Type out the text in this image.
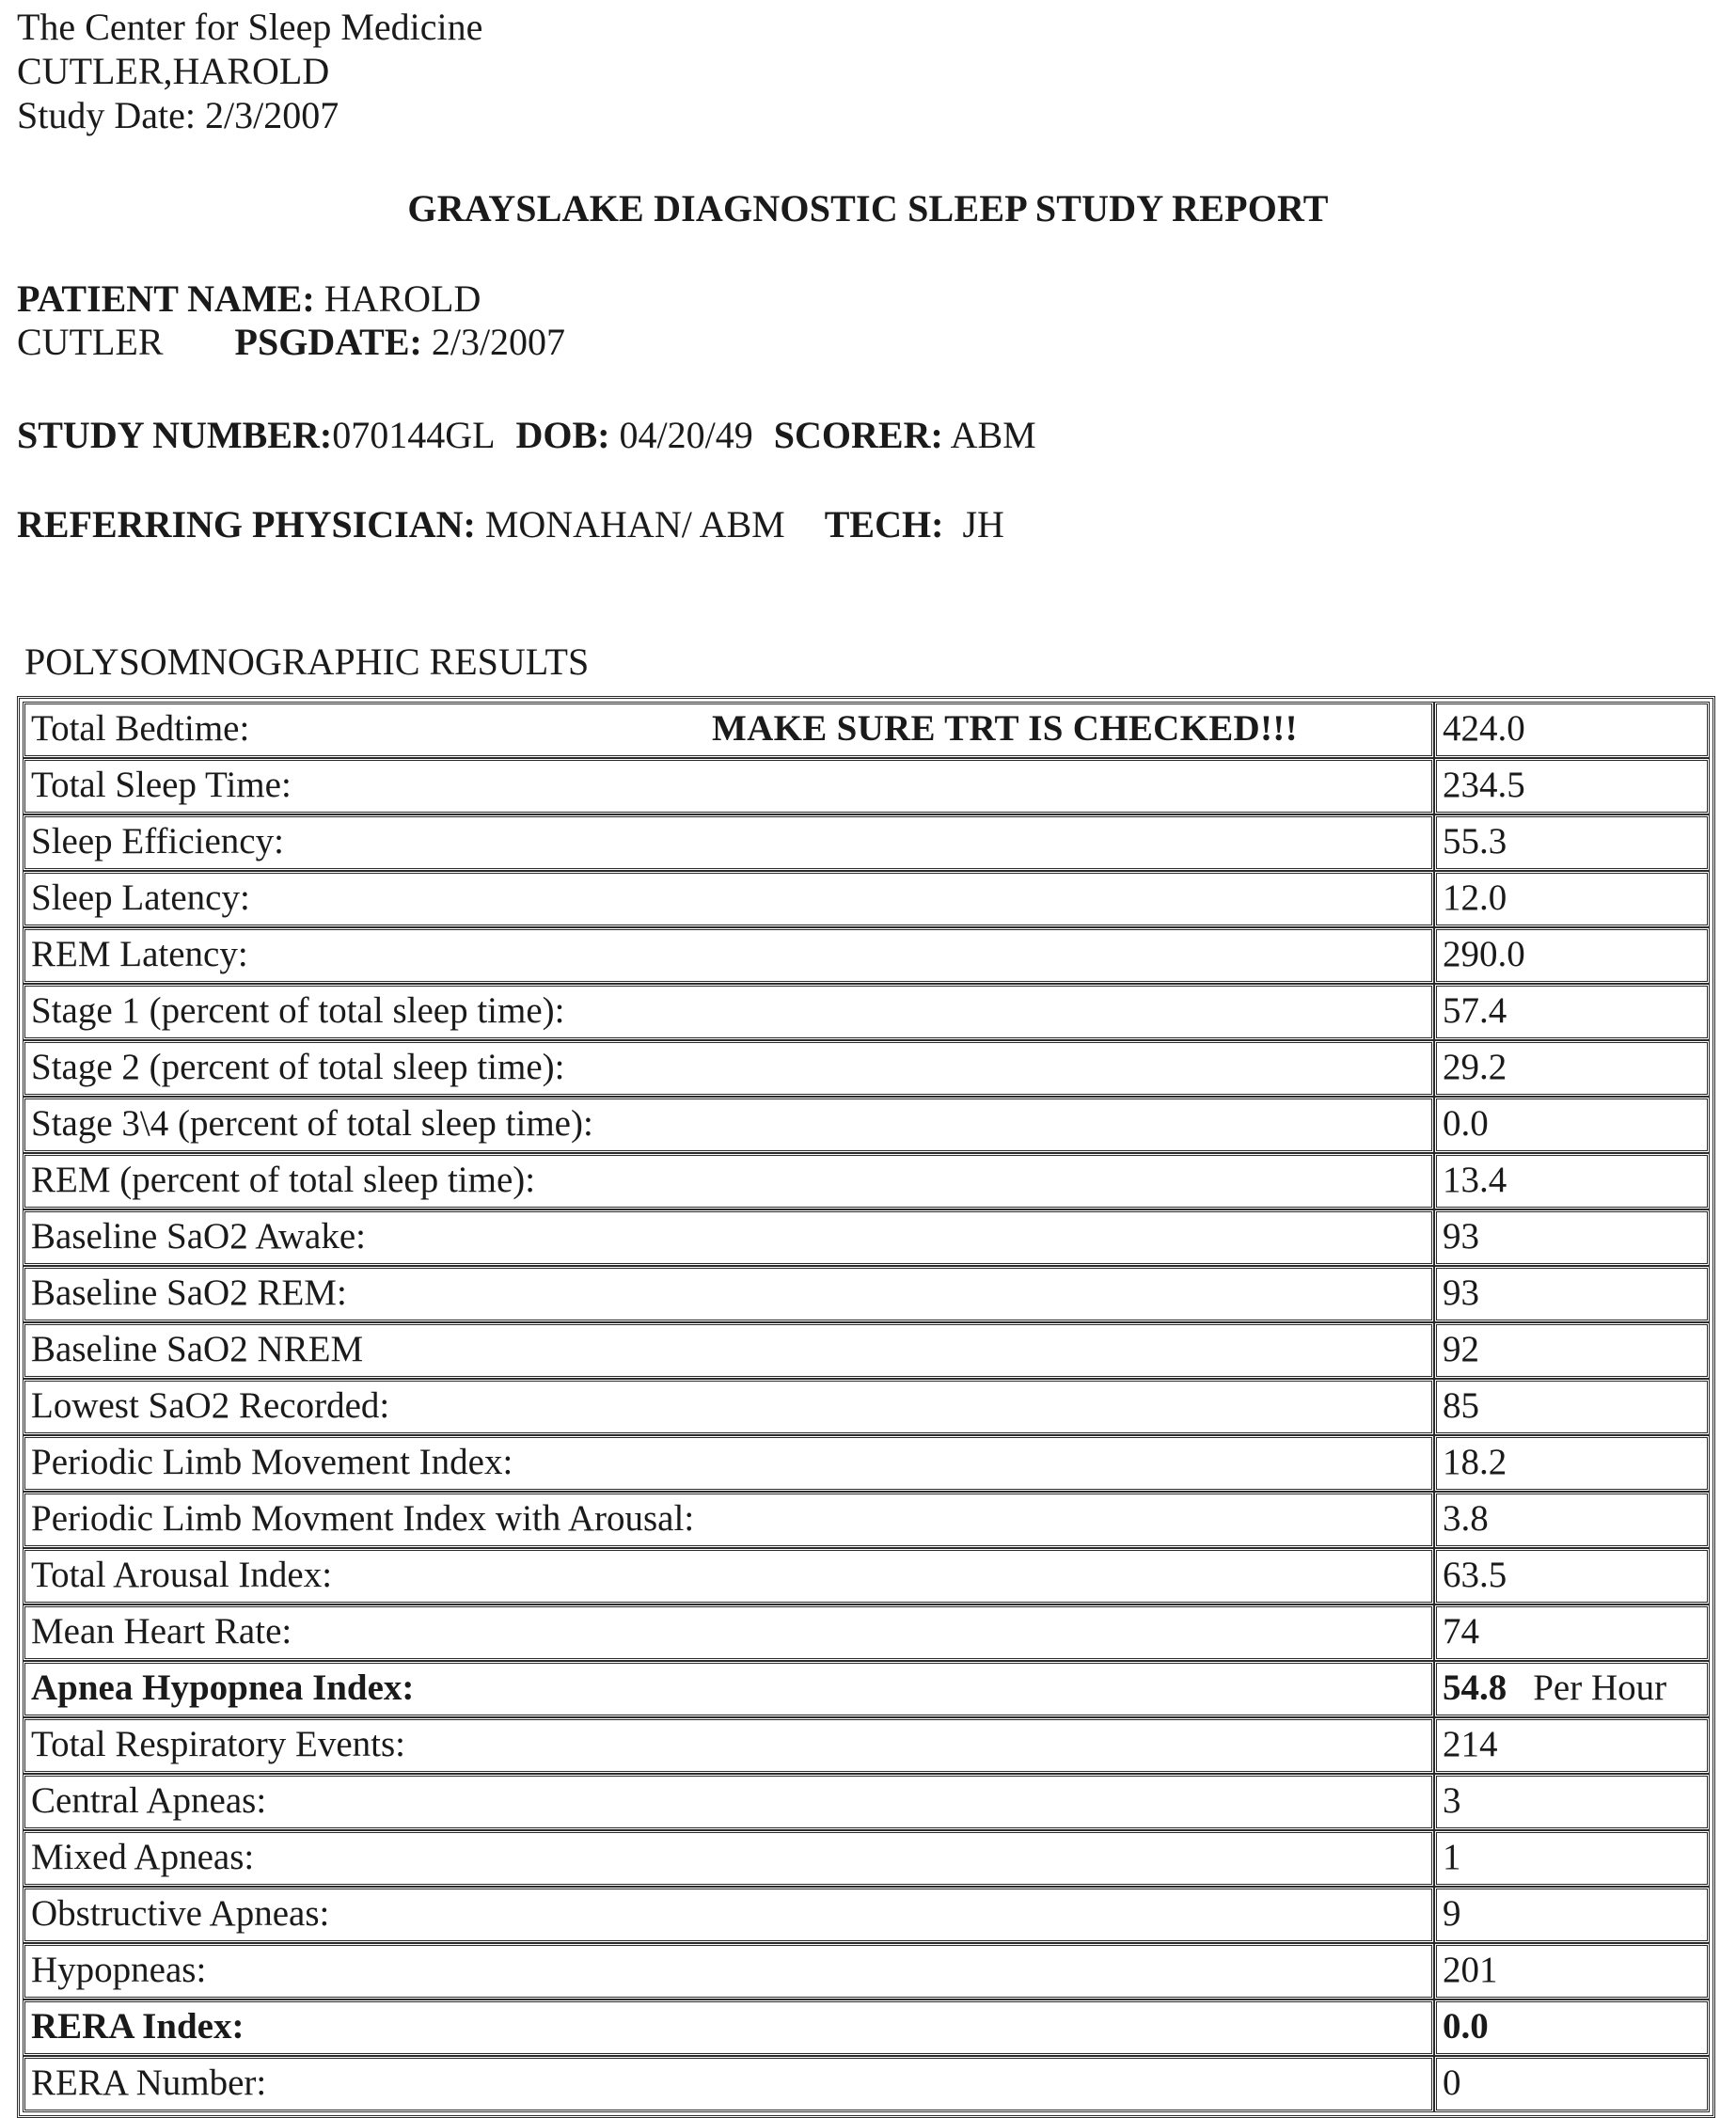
The Center for Sleep Medicine
CUTLER,HAROLD
Study Date: 2/3/2007
GRAYSLAKE DIAGNOSTIC SLEEP STUDY REPORT
PATIENT NAME: HAROLD
CUTLER PSGDATE: 2/3/2007
STUDY NUMBER:070144GL DOB: 04/20/49 SCORER: ABM
REFERRING PHYSICIAN: MONAHAN/ ABM TECH:  JH
POLYSOMNOGRAPHIC RESULTS
Total Bedtime:	MAKE SURE TRT IS CHECKED!!!	424.0
Total Sleep Time:	234.5
Sleep Efficiency:	55.3
Sleep Latency:	12.0
REM Latency:	290.0
Stage 1 (percent of total sleep time):	57.4
Stage 2 (percent of total sleep time):	29.2
Stage 3\4 (percent of total sleep time):	0.0
REM (percent of total sleep time):	13.4
Baseline SaO2 Awake:	93
Baseline SaO2 REM:	93
Baseline SaO2 NREM	92
Lowest SaO2 Recorded:	85
Periodic Limb Movement Index:	18.2
Periodic Limb Movment Index with Arousal:	3.8
Total Arousal Index:	63.5
Mean Heart Rate:	74
Apnea Hypopnea Index:	54.8 Per Hour
Total Respiratory Events:	214
Central Apneas:	3
Mixed Apneas:	1
Obstructive Apneas:	9
Hypopneas:	201
RERA Index:	0.0
RERA Number:	0
